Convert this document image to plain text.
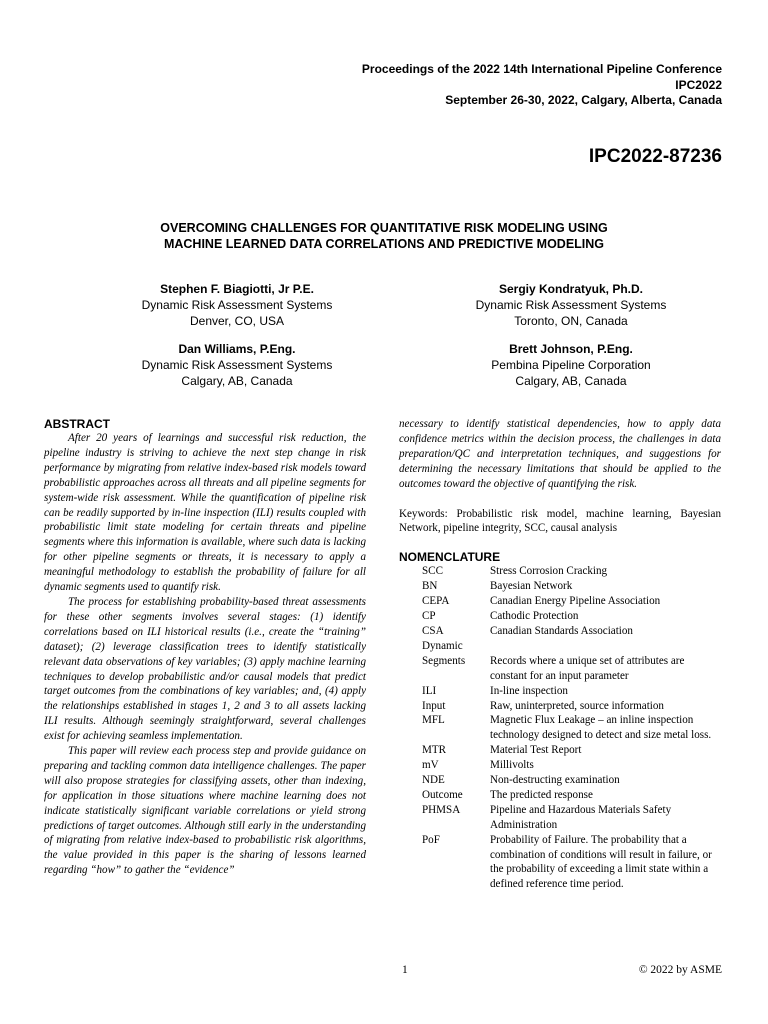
Proceedings of the 2022 14th International Pipeline Conference
IPC2022
September 26-30, 2022, Calgary, Alberta, Canada
IPC2022-87236
OVERCOMING CHALLENGES FOR QUANTITATIVE RISK MODELING USING
MACHINE LEARNED DATA CORRELATIONS AND PREDICTIVE MODELING
Stephen F. Biagiotti, Jr P.E.
Dynamic Risk Assessment Systems
Denver, CO, USA
Sergiy Kondratyuk, Ph.D.
Dynamic Risk Assessment Systems
Toronto, ON, Canada
Dan Williams, P.Eng.
Dynamic Risk Assessment Systems
Calgary, AB, Canada
Brett Johnson, P.Eng.
Pembina Pipeline Corporation
Calgary, AB, Canada
ABSTRACT

After 20 years of learnings and successful risk reduction, the pipeline industry is striving to achieve the next step change in risk performance by migrating from relative index-based risk models toward probabilistic approaches across all threats and all pipeline segments for system-wide risk assessment. While the quantification of pipeline risk can be readily supported by in-line inspection (ILI) results coupled with probabilistic limit state modeling for certain threats and pipeline segments where this information is available, where such data is lacking for other pipeline segments or threats, it is necessary to apply a meaningful methodology to establish the probability of failure for all dynamic segments used to quantify risk.

The process for establishing probability-based threat assessments for these other segments involves several stages: (1) identify correlations based on ILI historical results (i.e., create the “training” dataset); (2) leverage classification trees to identify statistically relevant data observations of key variables; (3) apply machine learning techniques to develop probabilistic and/or causal models that predict target outcomes from the combinations of key variables; and, (4) apply the relationships established in stages 1, 2 and 3 to all assets lacking ILI results. Although seemingly straightforward, several challenges exist for achieving seamless implementation.

This paper will review each process step and provide guidance on preparing and tackling common data intelligence challenges. The paper will also propose strategies for classifying assets, other than indexing, for application in those situations where machine learning does not indicate statistically significant variable correlations or yield strong predictions of target outcomes. Although still early in the understanding of migrating from relative index-based to probabilistic risk algorithms, the value provided in this paper is the sharing of lessons learned regarding “how” to gather the “evidence”

necessary to identify statistical dependencies, how to apply data confidence metrics within the decision process, the challenges in data preparation/QC and interpretation techniques, and suggestions for determining the necessary limitations that should be applied to the outcomes toward the objective of quantifying the risk.

Keywords: Probabilistic risk model, machine learning, Bayesian Network, pipeline integrity, SCC, causal analysis

NOMENCLATURE
SCC	Stress Corrosion Cracking
BN	Bayesian Network
CEPA	Canadian Energy Pipeline Association
CP	Cathodic Protection
CSA	Canadian Standards Association
Dynamic
Segments	Records where a unique set of attributes are constant for an input parameter
ILI	In-line inspection
Input	Raw, uninterpreted, source information
MFL	Magnetic Flux Leakage – an inline inspection technology designed to detect and size metal loss.
MTR	Material Test Report
mV	Millivolts
NDE	Non-destructing examination
Outcome	The predicted response
PHMSA	Pipeline and Hazardous Materials Safety Administration
PoF	Probability of Failure. The probability that a combination of conditions will result in failure, or the probability of exceeding a limit state within a defined reference time period.
1	© 2022 by ASME
